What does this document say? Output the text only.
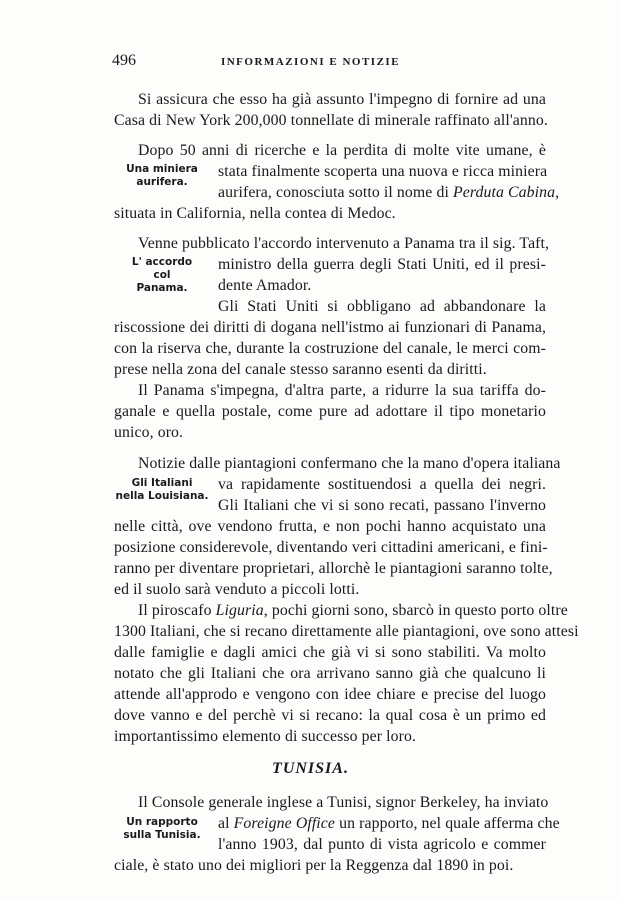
496	INFORMAZIONI E NOTIZIE
Si assicura che esso ha già assunto l'impegno di fornire ad una
Casa di New York 200,000 tonnellate di minerale raffinato all'anno.
Dopo 50 anni di ricerche e la perdita di molte vite umane, è
Una miniera
aurifera.
stata finalmente scoperta una nuova e ricca miniera
aurifera, conosciuta sotto il nome di Perduta Cabina,
situata in California, nella contea di Medoc.
Venne pubblicato l'accordo intervenuto a Panama tra il sig. Taft,
L' accordo
col
Panama.
ministro della guerra degli Stati Uniti, ed il presi-
dente Amador.
Gli Stati Uniti si obbligano ad abbandonare la
riscossione dei diritti di dogana nell'istmo ai funzionari di Panama,
con la riserva che, durante la costruzione del canale, le merci com-
prese nella zona del canale stesso saranno esenti da diritti.
Il Panama s'impegna, d'altra parte, a ridurre la sua tariffa do-
ganale e quella postale, come pure ad adottare il tipo monetario
unico, oro.
Notizie dalle piantagioni confermano che la mano d'opera italiana
Gli Italiani
nella Louisiana.
va rapidamente sostituendosi a quella dei negri.
Gli Italiani che vi si sono recati, passano l'inverno
nelle città, ove vendono frutta, e non pochi hanno acquistato una
posizione considerevole, diventando veri cittadini americani, e fini-
ranno per diventare proprietari, allorchè le piantagioni saranno tolte,
ed il suolo sarà venduto a piccoli lotti.
Il piroscafo Liguria, pochi giorni sono, sbarcò in questo porto oltre
1300 Italiani, che si recano direttamente alle piantagioni, ove sono attesi
dalle famiglie e dagli amici che già vi si sono stabiliti. Va molto
notato che gli Italiani che ora arrivano sanno già che qualcuno li
attende all'approdo e vengono con idee chiare e precise del luogo
dove vanno e del perchè vi si recano: la qual cosa è un primo ed
importantissimo elemento di successo per loro.
TUNISIA.
Il Console generale inglese a Tunisi, signor Berkeley, ha inviato
Un rapporto
sulla Tunisia.
al Foreigne Office un rapporto, nel quale afferma che
l'anno 1903, dal punto di vista agricolo e commer
ciale, è stato uno dei migliori per la Reggenza dal 1890 in poi.
